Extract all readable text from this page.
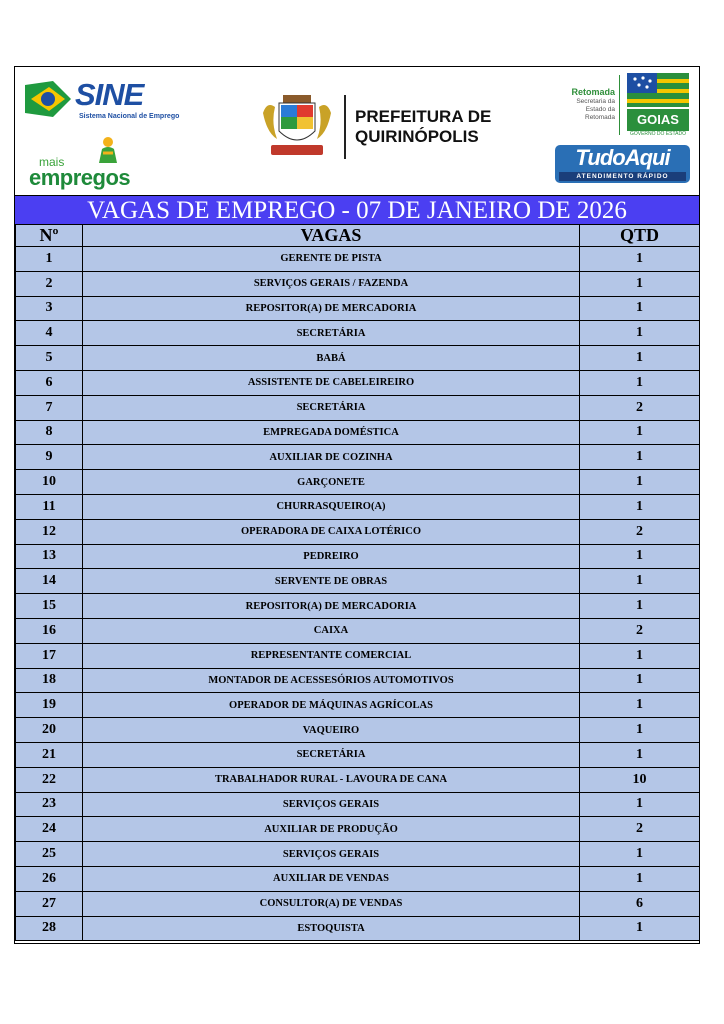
SINE
Sistema Nacional de Emprego
mais
empregos
PREFEITURA DE
QUIRINÓPOLIS
Retomada
Secretaria da
Estado da
Retomada	GOIAS
GOVERNO DO ESTADO
TudoAqui
ATENDIMENTO RÁPIDO
VAGAS DE EMPREGO - 07 DE JANEIRO DE 2026
Nº	VAGAS	QTD
1	GERENTE DE PISTA	1
2	SERVIÇOS GERAIS / FAZENDA	1
3	REPOSITOR(A) DE MERCADORIA	1
4	SECRETÁRIA	1
5	BABÁ	1
6	ASSISTENTE DE CABELEIREIRO	1
7	SECRETÁRIA	2
8	EMPREGADA DOMÉSTICA	1
9	AUXILIAR DE COZINHA	1
10	GARÇONETE	1
11	CHURRASQUEIRO(A)	1
12	OPERADORA DE CAIXA LOTÉRICO	2
13	PEDREIRO	1
14	SERVENTE DE OBRAS	1
15	REPOSITOR(A) DE MERCADORIA	1
16	CAIXA	2
17	REPRESENTANTE COMERCIAL	1
18	MONTADOR DE ACESSESÓRIOS AUTOMOTIVOS	1
19	OPERADOR DE MÁQUINAS AGRÍCOLAS	1
20	VAQUEIRO	1
21	SECRETÁRIA	1
22	TRABALHADOR RURAL - LAVOURA DE CANA	10
23	SERVIÇOS GERAIS	1
24	AUXILIAR DE PRODUÇÃO	2
25	SERVIÇOS GERAIS	1
26	AUXILIAR DE VENDAS	1
27	CONSULTOR(A) DE VENDAS	6
28	ESTOQUISTA	1
